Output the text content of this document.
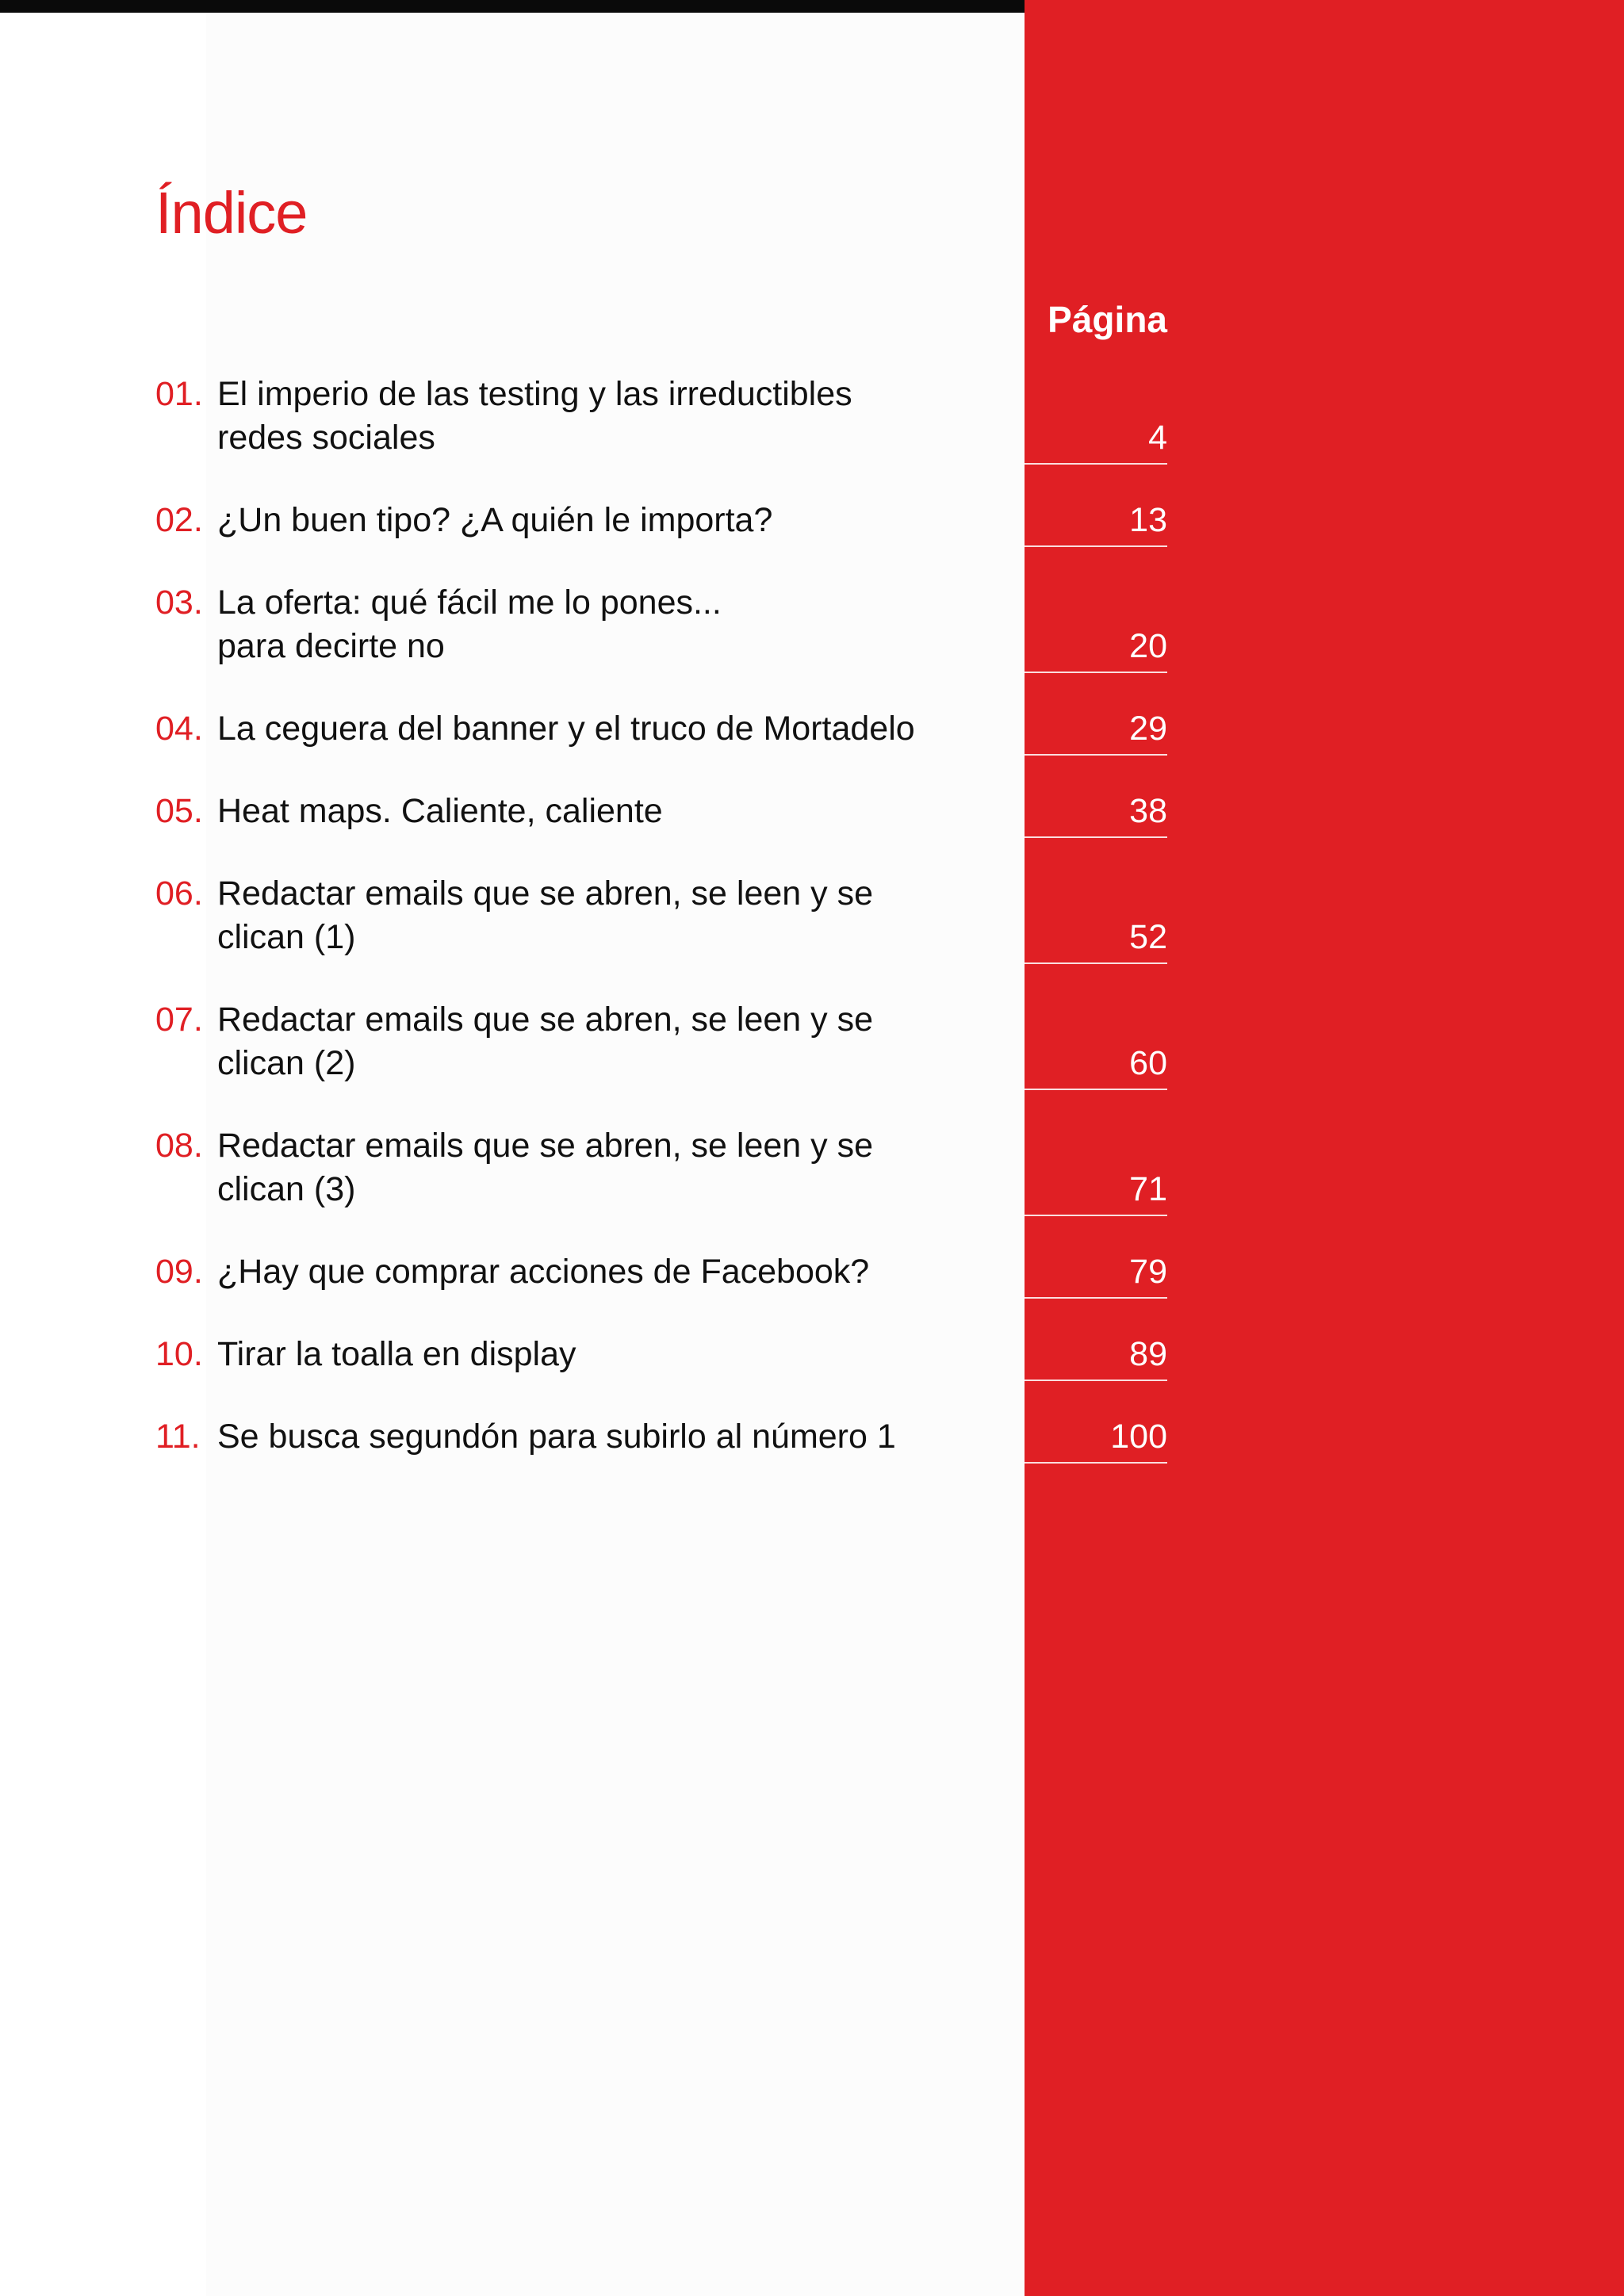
Índice
Página
01. El imperio de las testing y las irreductibles
redes sociales	4
02. ¿Un buen tipo? ¿A quién le importa?	13
03. La oferta: qué fácil me lo pones...
para decirte no	20
04. La ceguera del banner y el truco de Mortadelo	29
05. Heat maps. Caliente, caliente	38
06. Redactar emails que se abren, se leen y se
clican (1)	52
07. Redactar emails que se abren, se leen y se
clican (2)	60
08. Redactar emails que se abren, se leen y se
clican (3)	71
09. ¿Hay que comprar acciones de Facebook?	79
10. Tirar la toalla en display	89
11. Se busca segundón para subirlo al número 1	100
